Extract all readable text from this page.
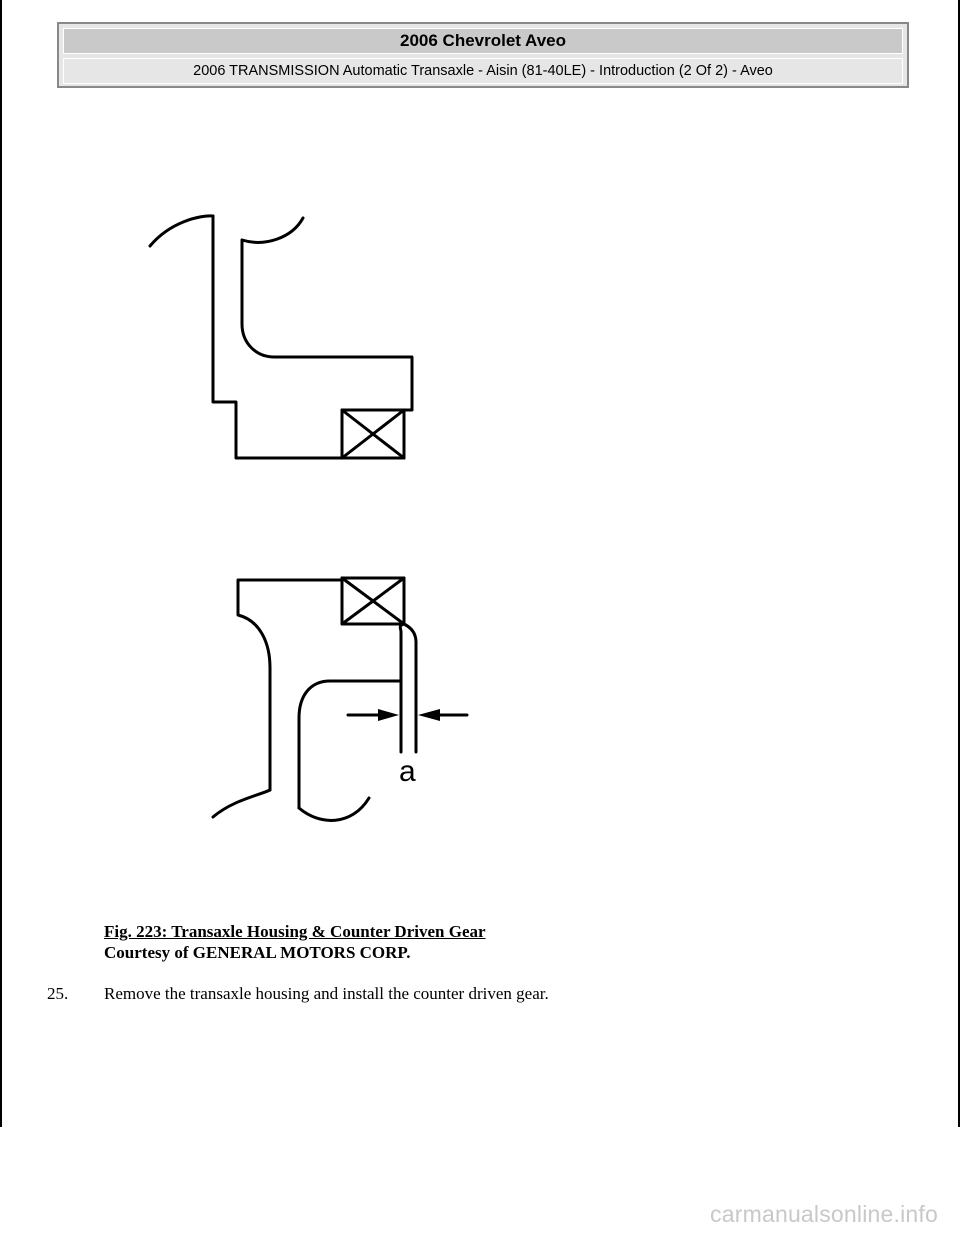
2006 Chevrolet Aveo
2006 TRANSMISSION Automatic Transaxle - Aisin (81-40LE) - Introduction (2 Of 2) - Aveo
a
Fig. 223: Transaxle Housing & Counter Driven Gear
Courtesy of GENERAL MOTORS CORP.
25.	Remove the transaxle housing and install the counter driven gear.
carmanualsonline.info
